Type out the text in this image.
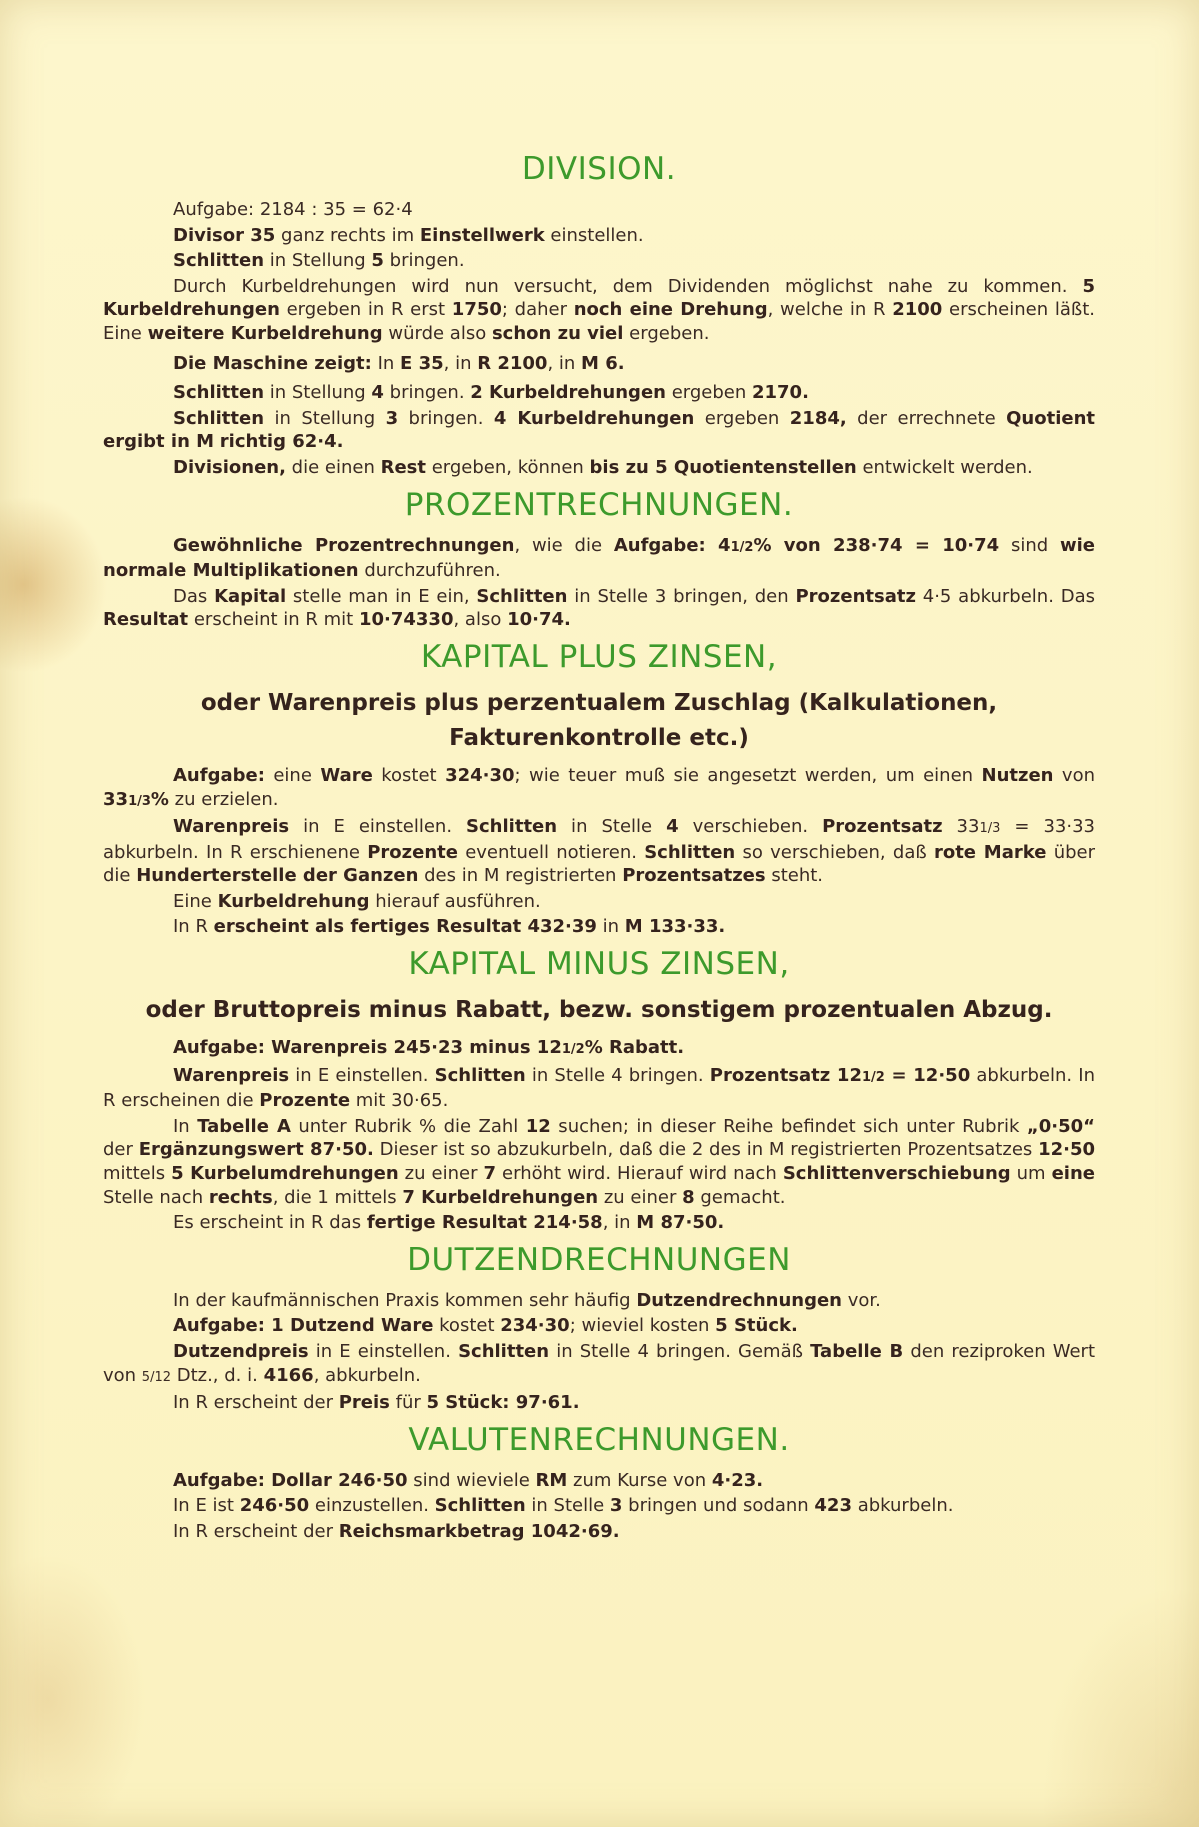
DIVISION.

Aufgabe: 2184 : 35 = 62·4

Divisor 35 ganz rechts im Einstellwerk einstellen.

Schlitten in Stellung 5 bringen.

Durch Kurbeldrehungen wird nun versucht, dem Dividenden möglichst nahe zu kommen. 5 Kurbeldrehungen ergeben in R erst 1750; daher noch eine Drehung, welche in R 2100 erscheinen läßt. Eine weitere Kurbeldrehung würde also schon zu viel ergeben.

Die Maschine zeigt: In E 35, in R 2100, in M 6.

Schlitten in Stellung 4 bringen. 2 Kurbeldrehungen ergeben 2170.

Schlitten in Stellung 3 bringen. 4 Kurbeldrehungen ergeben 2184, der errechnete Quotient ergibt in M richtig 62·4.

Divisionen, die einen Rest ergeben, können bis zu 5 Quotientenstellen entwickelt werden.

PROZENTRECHNUNGEN.

Gewöhnliche Prozentrechnungen, wie die Aufgabe: 41/2% von 238·74 = 10·74 sind wie normale Multiplikationen durchzuführen.

Das Kapital stelle man in E ein, Schlitten in Stelle 3 bringen, den Prozentsatz 4·5 abkurbeln. Das Resultat erscheint in R mit 10·74330, also 10·74.

KAPITAL PLUS ZINSEN,
oder Warenpreis plus perzentualem Zuschlag (Kalkulationen,
Fakturenkontrolle etc.)

Aufgabe: eine Ware kostet 324·30; wie teuer muß sie angesetzt werden, um einen Nutzen von 331/3% zu erzielen.

Warenpreis in E einstellen. Schlitten in Stelle 4 verschieben. Prozentsatz 331/3 = 33·33 abkurbeln. In R erschienene Prozente eventuell notieren. Schlitten so verschieben, daß rote Marke über die Hunderterstelle der Ganzen des in M registrierten Prozentsatzes steht.

Eine Kurbeldrehung hierauf ausführen.

In R erscheint als fertiges Resultat 432·39 in M 133·33.

KAPITAL MINUS ZINSEN,
oder Bruttopreis minus Rabatt, bezw. sonstigem prozentualen Abzug.

Aufgabe: Warenpreis 245·23 minus 121/2% Rabatt.

Warenpreis in E einstellen. Schlitten in Stelle 4 bringen. Prozentsatz 121/2 = 12·50 abkurbeln. In R erscheinen die Prozente mit 30·65.

In Tabelle A unter Rubrik % die Zahl 12 suchen; in dieser Reihe befindet sich unter Rubrik „0·50“ der Ergänzungswert 87·50. Dieser ist so abzukurbeln, daß die 2 des in M registrierten Prozentsatzes 12·50 mittels 5 Kurbelumdrehungen zu einer 7 erhöht wird. Hierauf wird nach Schlittenverschiebung um eine Stelle nach rechts, die 1 mittels 7 Kurbeldrehungen zu einer 8 gemacht.

Es erscheint in R das fertige Resultat 214·58, in M 87·50.

DUTZENDRECHNUNGEN

In der kaufmännischen Praxis kommen sehr häufig Dutzendrechnungen vor.

Aufgabe: 1 Dutzend Ware kostet 234·30; wieviel kosten 5 Stück.

Dutzendpreis in E einstellen. Schlitten in Stelle 4 bringen. Gemäß Tabelle B den reziproken Wert von 5/12 Dtz., d. i. 4166, abkurbeln.

In R erscheint der Preis für 5 Stück: 97·61.

VALUTENRECHNUNGEN.

Aufgabe: Dollar 246·50 sind wieviele RM zum Kurse von 4·23.

In E ist 246·50 einzustellen. Schlitten in Stelle 3 bringen und sodann 423 abkurbeln.

In R erscheint der Reichsmarkbetrag 1042·69.
